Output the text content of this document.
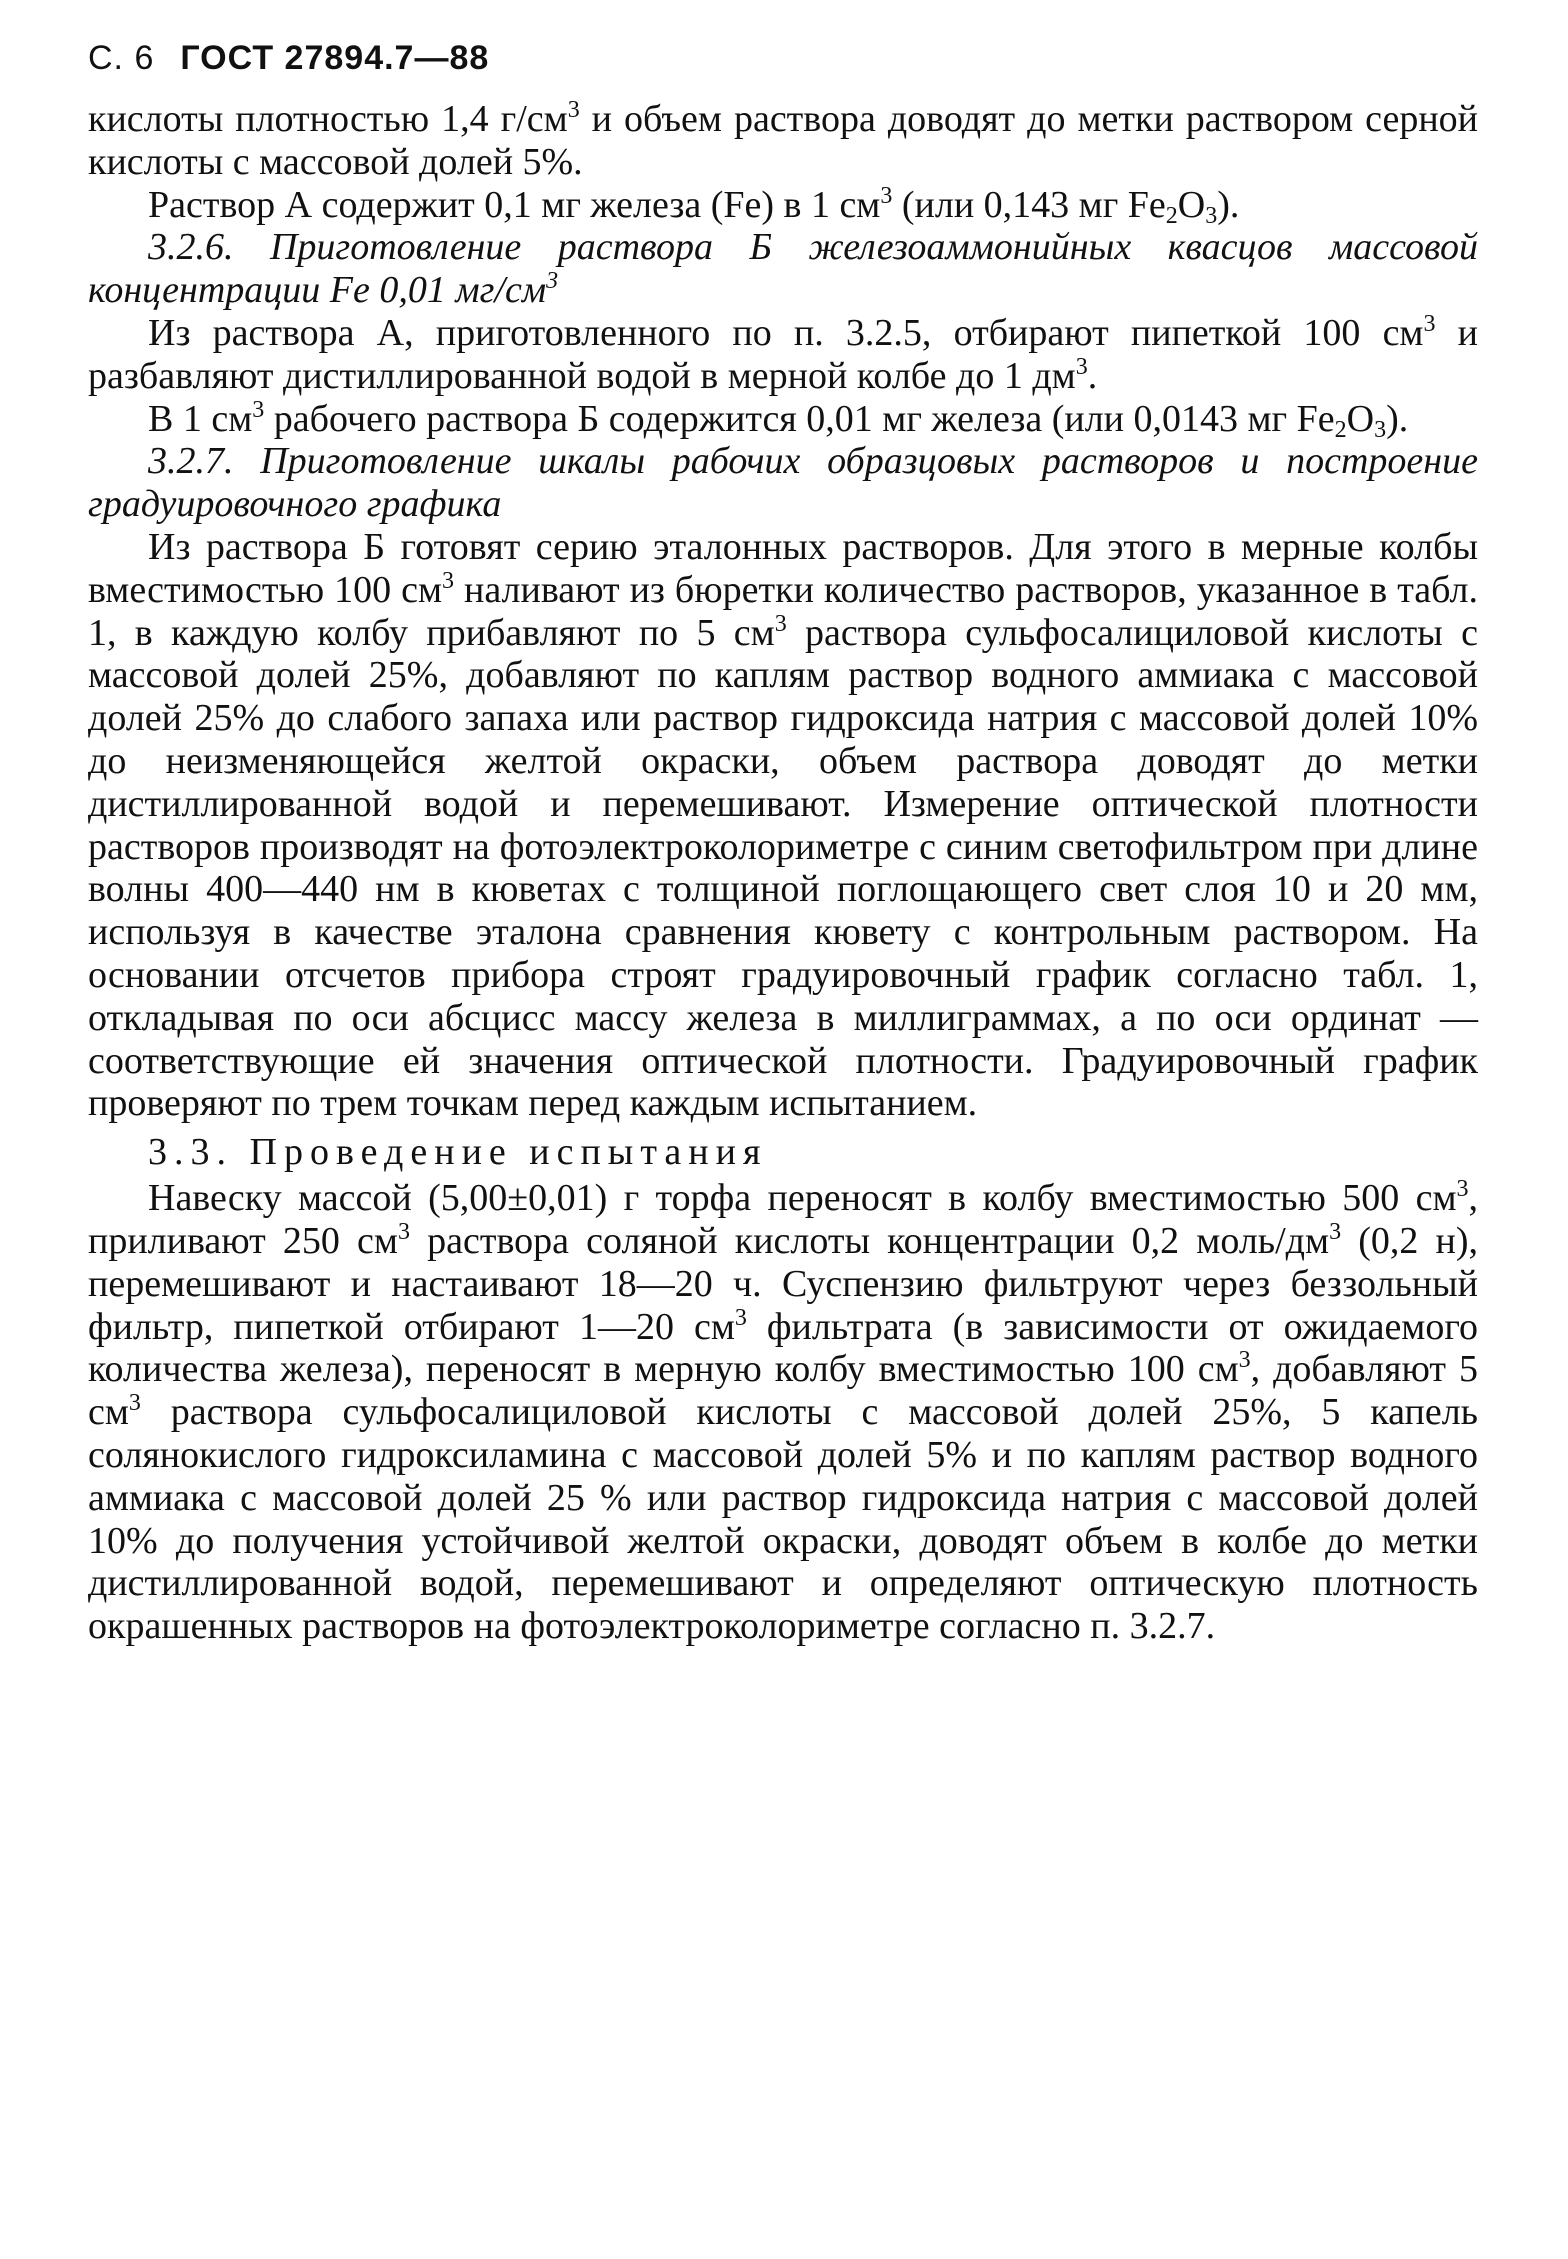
С. 6 ГОСТ 27894.7—88

кислоты плотностью 1,4 $г/см^3$ и объем раствора доводят до метки раствором серной кислоты с массовой долей 5%.

Раствор А содержит 0,1 мг железа (Fe) в 1 $см^3$ (или 0,143 мг $Fe_2O_3$).

3.2.6. Приготовление раствора Б железоаммонийных квасцов массовой концентрации Fe 0,01 $мг/см^3$

Из раствора А, приготовленного по п. 3.2.5, отбирают пипеткой 100 $см^3$ и разбавляют дистиллированной водой в мерной колбе до 1 $дм^3$.

В 1 $см^3$ рабочего раствора Б содержится 0,01 мг железа (или 0,0143 мг $Fe_2O_3$).

3.2.7. Приготовление шкалы рабочих образцовых растворов и построение градуировочного графика

Из раствора Б готовят серию эталонных растворов. Для этого в мерные колбы вместимостью 100 $см^3$ наливают из бюретки количество растворов, указанное в табл. 1, в каждую колбу прибавляют по 5 $см^3$ раствора сульфосалициловой кислоты с массовой долей 25%, добавляют по каплям раствор водного аммиака с массовой долей 25% до слабого запаха или раствор гидроксида натрия с массовой долей 10% до неизменяющейся желтой окраски, объем раствора доводят до метки дистиллированной водой и перемешивают. Измерение оптической плотности растворов производят на фотоэлектроколориметре с синим светофильтром при длине волны 400—440 нм в кюветах с толщиной поглощающего свет слоя 10 и 20 мм, используя в качестве эталона сравнения кювету с контрольным раствором. На основании отсчетов прибора строят градуировочный график согласно табл. 1, откладывая по оси абсцисс массу железа в миллиграммах, а по оси ординат — соответствующие ей значения оптической плотности. Градуировочный график проверяют по трем точкам перед каждым испытанием.

3.3. Проведение испытания

Навеску массой (5,00±0,01) г торфа переносят в колбу вместимостью 500 $см^3$, приливают 250 $см^3$ раствора соляной кислоты концентрации 0,2 моль/$дм^3$ (0,2 н), перемешивают и настаивают 18—20 ч. Суспензию фильтруют через беззольный фильтр, пипеткой отбирают 1—20 $см^3$ фильтрата (в зависимости от ожидаемого количества железа), переносят в мерную колбу вместимостью 100 $см^3$, добавляют 5 $см^3$ раствора сульфосалициловой кислоты с массовой долей 25%, 5 капель солянокислого гидроксиламина с массовой долей 5% и по каплям раствор водного аммиака с массовой долей 25 % или раствор гидроксида натрия с массовой долей 10% до получения устойчивой желтой окраски, доводят объем в колбе до метки дистиллированной водой, перемешивают и определяют оптическую плотность окрашенных растворов на фотоэлектроколориметре согласно п. 3.2.7.
